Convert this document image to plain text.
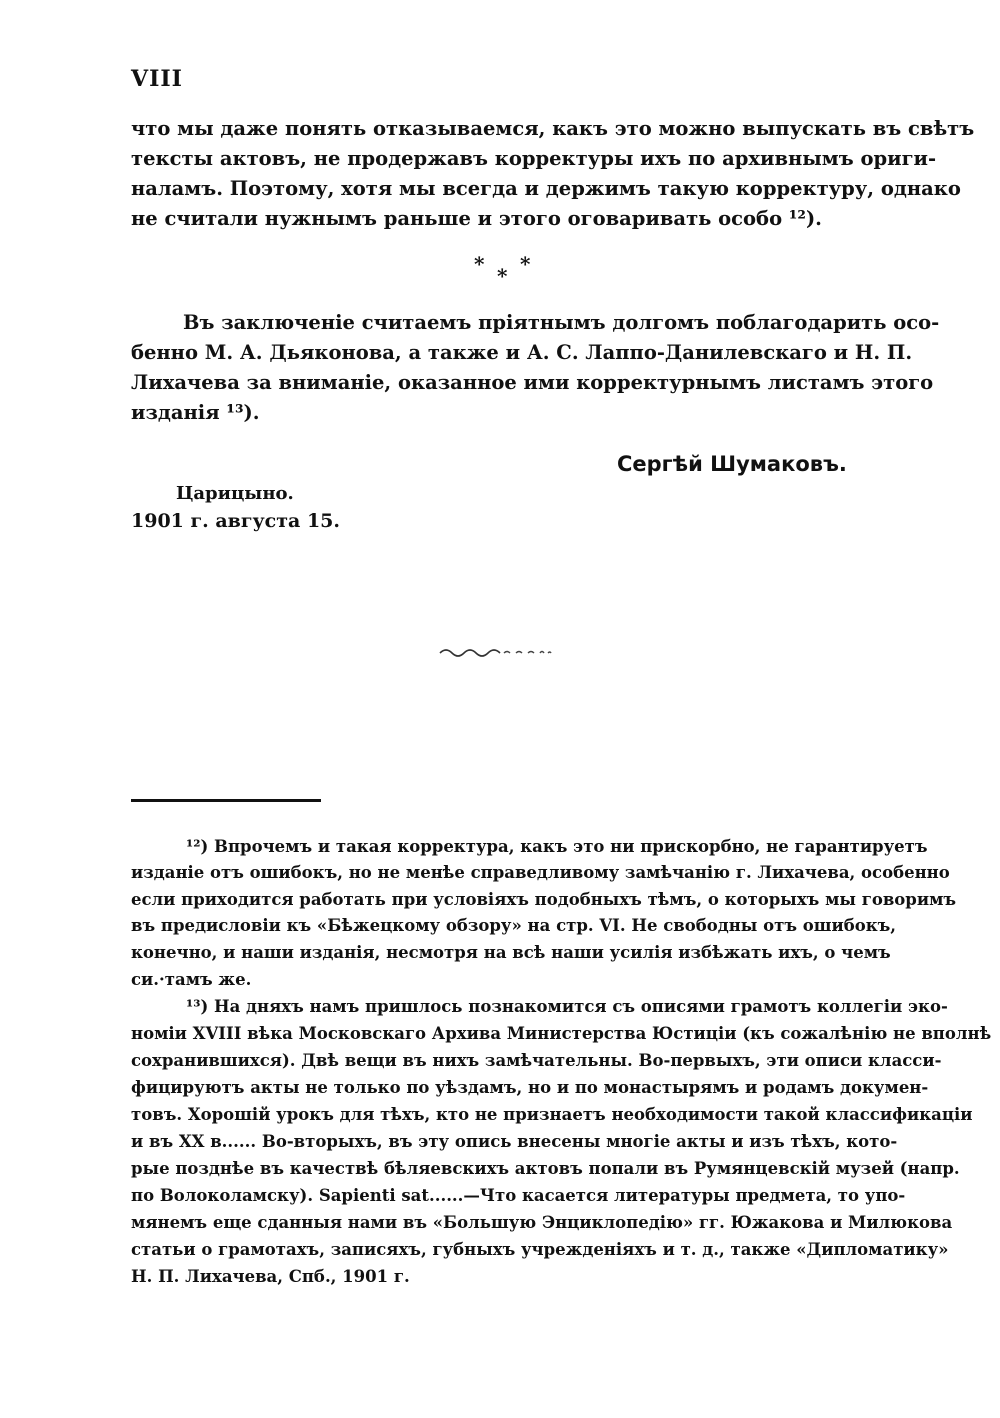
VIII
что мы даже понять отказываемся, какъ это можно выпускать въ свѣтъ
тексты актовъ, не продержавъ корректуры ихъ по архивнымъ ориги-
наламъ. Поэтому, хотя мы всегда и держимъ такую корректуру, однако
не считали нужнымъ раньше и этого оговаривать особо ¹²).
* * *
Въ заключеніе считаемъ пріятнымъ долгомъ поблагодарить осо-
бенно М. А. Дьяконова, а также и А. С. Лаппо-Данилевскаго и Н. П.
Лихачева за вниманіе, оказанное ими корректурнымъ листамъ этого
изданія ¹³).
Сергѣй Шумаковъ.
Царицыно.
1901 г. августа 15.
¹²) Впрочемъ и такая корректура, какъ это ни прискорбно, не гарантируетъ
изданіе отъ ошибокъ, но не менѣе справедливому замѣчанію г. Лихачева, особенно
если приходится работать при условіяхъ подобныхъ тѣмъ, о которыхъ мы говоримъ
въ предисловіи къ «Бѣжецкому обзору» на стр. VI. Не свободны отъ ошибокъ,
конечно, и наши изданія, несмотря на всѣ наши усилія избѣжать ихъ, о чемъ
си.·тамъ же.
¹³) На дняхъ намъ пришлось познакомится съ описями грамотъ коллегіи эко-
номіи XVIII вѣка Московскаго Архива Министерства Юстиціи (къ сожалѣнію не вполнѣ
сохранившихся). Двѣ вещи въ нихъ замѣчательны. Во-первыхъ, эти описи класси-
фицируютъ акты не только по уѣздамъ, но и по монастырямъ и родамъ докумен-
товъ. Хорошій урокъ для тѣхъ, кто не признаетъ необходимости такой классификаціи
и въ XX в...... Во-вторыхъ, въ эту опись внесены многіе акты и изъ тѣхъ, кото-
рые позднѣе въ качествѣ бѣляевскихъ актовъ попали въ Румянцевскій музей (напр.
по Волоколамску). Sapienti sat......—Что касается литературы предмета, то упо-
мянемъ еще сданныя нами въ «Большую Энциклопедію» гг. Южакова и Милюкова
статьи о грамотахъ, записяхъ, губныхъ учрежденіяхъ и т. д., также «Дипломатику»
Н. П. Лихачева, Спб., 1901 г.
